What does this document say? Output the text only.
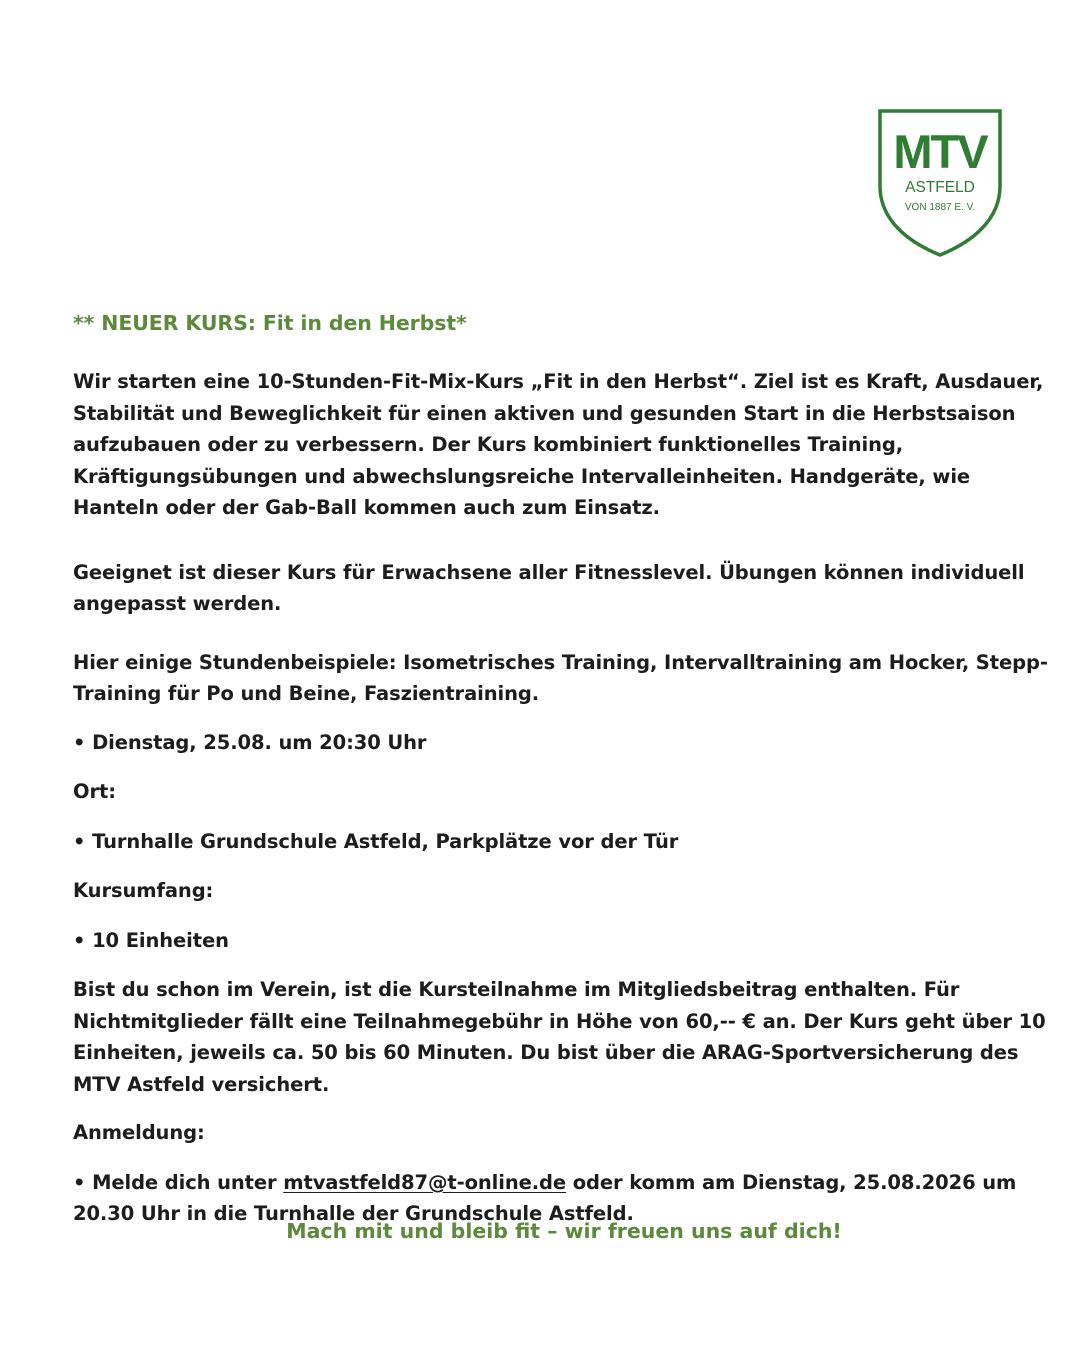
MTV
ASTFELD
VON 1887 E. V.
** NEUER KURS: Fit in den Herbst*

Wir starten eine 10-Stunden-Fit-Mix-Kurs „Fit in den Herbst“. Ziel ist es Kraft, Ausdauer, Stabilität und Beweglichkeit für einen aktiven und gesunden Start in die Herbstsaison aufzubauen oder zu verbessern. Der Kurs kombiniert funktionelles Training, Kräftigungsübungen und abwechslungsreiche Intervalleinheiten. Handgeräte, wie Hanteln oder der Gab-Ball kommen auch zum Einsatz.

Geeignet ist dieser Kurs für Erwachsene aller Fitnesslevel. Übungen können individuell angepasst werden.

Hier einige Stundenbeispiele: Isometrisches Training, Intervalltraining am Hocker, Stepp-Training für Po und Beine, Faszientraining.

• Dienstag, 25.08. um 20:30 Uhr

Ort:

• Turnhalle Grundschule Astfeld, Parkplätze vor der Tür

Kursumfang:

• 10 Einheiten

Bist du schon im Verein, ist die Kursteilnahme im Mitgliedsbeitrag enthalten. Für Nichtmitglieder fällt eine Teilnahmegebühr in Höhe von 60,-- € an. Der Kurs geht über 10 Einheiten, jeweils ca. 50 bis 60 Minuten. Du bist über die ARAG-Sportversicherung des MTV Astfeld versichert.

Anmeldung:

• Melde dich unter mtvastfeld87@t-online.de oder komm am Dienstag, 25.08.2026 um 20.30 Uhr in die Turnhalle der Grundschule Astfeld.

Mach mit und bleib fit – wir freuen uns auf dich!
